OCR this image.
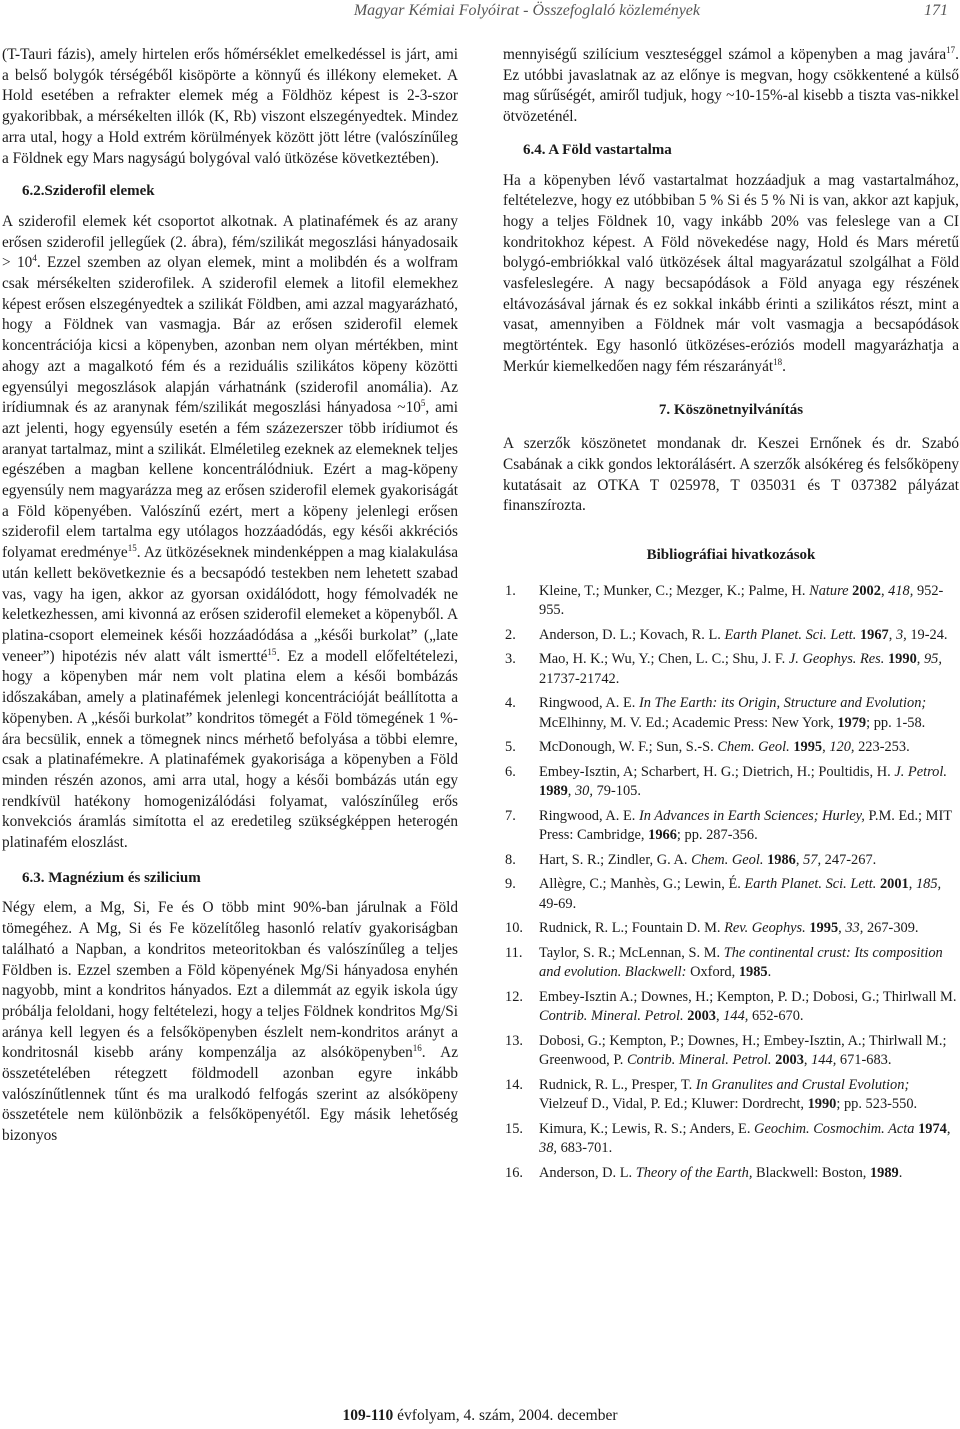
Magyar Kémiai Folyóirat - Összefoglaló közlemények	171

(T-Tauri fázis), amely hirtelen erős hőmérséklet emelkedéssel is járt, ami a belső bolygók térségéből kisöpörte a könnyű és illékony elemeket. A Hold esetében a refrakter elemek még a Földhöz képest is 2-3-szor gyakoribbak, a mérsékelten illók (K, Rb) viszont elszegényedtek. Mindez arra utal, hogy a Hold extrém körülmények között jött létre (valószínűleg a Földnek egy Mars nagyságú bolygóval való ütközése következtében).

6.2.Sziderofil elemek

A sziderofil elemek két csoportot alkotnak. A platinafémek és az arany erősen sziderofil jellegűek (2. ábra), fém/szilikát megoszlási hányadosaik > $10^4$. Ezzel szemben az olyan elemek, mint a molibdén és a wolfram csak mérsékelten sziderofilek. A sziderofil elemek a litofil elemekhez képest erősen elszegényedtek a szilikát Földben, ami azzal magyarázható, hogy a Földnek van vasmagja. Bár az erősen sziderofil elemek koncentrációja kicsi a köpenyben, azonban nem olyan mértékben, mint ahogy azt a magalkotó fém és a reziduális szilikátos köpeny közötti egyensúlyi megoszlások alapján várhatnánk (sziderofil anomália). Az irídiumnak és az aranynak fém/szilikát megoszlási hányadosa $\sim 10^5$, ami azt jelenti, hogy egyensúly esetén a fém százezerszer több irídiumot és aranyat tartalmaz, mint a szilikát. Elméletileg ezeknek az elemeknek teljes egészében a magban kellene koncentrálódniuk. Ezért a mag-köpeny egyensúly nem magyarázza meg az erősen sziderofil elemek gyakoriságát a Föld köpenyében. Valószínű ezért, mert a köpeny jelenlegi erősen sziderofil elem tartalma egy utólagos hozzáadódás, egy késői akkréciós folyamat eredménye$^{15}$. Az ütközéseknek mindenképpen a mag kialakulása után kellett bekövetkeznie és a becsapódó testekben nem lehetett szabad vas, vagy ha igen, akkor az gyorsan oxidálódott, hogy fémolvadék ne keletkezhessen, ami kivonná az erősen sziderofil elemeket a köpenyből. A platina-csoport elemeinek késői hozzáadódása a „késői burkolat” („late veneer”) hipotézis név alatt vált ismertté$^{15}$. Ez a modell előfeltételezi, hogy a köpenyben már nem volt platina elem a késői bombázás időszakában, amely a platinafémek jelenlegi koncentrációját beállította a köpenyben. A „késői burkolat” kondritos tömegét a Föld tömegének 1 %-ára becsülik, ennek a tömegnek nincs mérhető befolyása a többi elemre, csak a platinafémekre. A platinafémek gyakorisága a köpenyben a Föld minden részén azonos, ami arra utal, hogy a késői bombázás után egy rendkívül hatékony homogenizálódási folyamat, valószínűleg erős konvekciós áramlás simította el az eredetileg szükségképpen heterogén platinafém eloszlást.

6.3. Magnézium és szilicium

Négy elem, a Mg, Si, Fe és O több mint 90%-ban járulnak a Föld tömegéhez. A Mg, Si és Fe közelítőleg hasonló relatív gyakoriságban található a Napban, a kondritos meteoritokban és valószínűleg a teljes Földben is. Ezzel szemben a Föld köpenyének Mg/Si hányadosa enyhén nagyobb, mint a kondritos hányados. Ezt a dilemmát az egyik iskola úgy próbálja feloldani, hogy feltételezi, hogy a teljes Földnek kondritos Mg/Si aránya kell legyen és a felsőköpenyben észlelt nem-kondritos arányt a kondritosnál kisebb arány kompenzálja az alsóköpenyben$^{16}$. Az összetételében rétegzett földmodell azonban egyre inkább valószínűtlennek tűnt és ma uralkodó felfogás szerint az alsóköpeny összetétele nem különbözik a felsőköpenyétől. Egy másik lehetőség bizonyos

mennyiségű szilícium veszteséggel számol a köpenyben a mag javára$^{17}$. Ez utóbbi javaslatnak az az előnye is megvan, hogy csökkentené a külső mag sűrűségét, amiről tudjuk, hogy ~10-15%-al kisebb a tiszta vas-nikkel ötvözeténél.

6.4. A Föld vastartalma

Ha a köpenyben lévő vastartalmat hozzáadjuk a mag vastartalmához, feltételezve, hogy ez utóbbiban 5 % Si és 5 % Ni is van, akkor azt kapjuk, hogy a teljes Földnek 10, vagy inkább 20% vas feleslege van a CI kondritokhoz képest. A Föld növekedése nagy, Hold és Mars méretű bolygó-embriókkal való ütközések által magyarázatul szolgálhat a Föld vasfeleslegére. A nagy becsapódások a Föld anyaga egy részének eltávozásával járnak és ez sokkal inkább érinti a szilikátos részt, mint a vasat, amennyiben a Földnek már volt vasmagja a becsapódások megtörténtek. Egy hasonló ütközéses-eróziós modell magyarázhatja a Merkúr kiemelkedően nagy fém részarányát$^{18}$.

7. Köszönetnyilvánítás

A szerzők köszönetet mondanak dr. Keszei Ernőnek és dr. Szabó Csabának a cikk gondos lektorálásért. A szerzők alsókéreg és felsőköpeny kutatásait az OTKA T 025978, T 035031 és T 037382 pályázat finanszírozta.

Bibliográfiai hivatkozások
1.	Kleine, T.; Munker, C.; Mezger, K.; Palme, H. Nature 2002, 418, 952-955.
2.	Anderson, D. L.; Kovach, R. L. Earth Planet. Sci. Lett. 1967, 3, 19-24.
3.	Mao, H. K.; Wu, Y.; Chen, L. C.; Shu, J. F. J. Geophys. Res. 1990, 95, 21737-21742.
4.	Ringwood, A. E. In The Earth: its Origin, Structure and Evolution; McElhinny, M. V. Ed.; Academic Press: New York, 1979; pp. 1-58.
5.	McDonough, W. F.; Sun, S.-S. Chem. Geol. 1995, 120, 223-253.
6.	Embey-Isztin, A; Scharbert, H. G.; Dietrich, H.; Poultidis, H. J. Petrol. 1989, 30, 79-105.
7.	Ringwood, A. E. In Advances in Earth Sciences; Hurley, P.M. Ed.; MIT Press: Cambridge, 1966; pp. 287-356.
8.	Hart, S. R.; Zindler, G. A. Chem. Geol. 1986, 57, 247-267.
9.	Allègre, C.; Manhès, G.; Lewin, É. Earth Planet. Sci. Lett. 2001, 185, 49-69.
10.	Rudnick, R. L.; Fountain D. M. Rev. Geophys. 1995, 33, 267-309.
11.	Taylor, S. R.; McLennan, S. M. The continental crust: Its composition and evolution. Blackwell: Oxford, 1985.
12.	Embey-Isztin A.; Downes, H.; Kempton, P. D.; Dobosi, G.; Thirlwall M. Contrib. Mineral. Petrol. 2003, 144, 652-670.
13.	Dobosi, G.; Kempton, P.; Downes, H.; Embey-Isztin, A.; Thirlwall M.; Greenwood, P. Contrib. Mineral. Petrol. 2003, 144, 671-683.
14.	Rudnick, R. L., Presper, T. In Granulites and Crustal Evolution; Vielzeuf D., Vidal, P. Ed.; Kluwer: Dordrecht, 1990; pp. 523-550.
15.	Kimura, K.; Lewis, R. S.; Anders, E. Geochim. Cosmochim. Acta 1974, 38, 683-701.
16.	Anderson, D. L. Theory of the Earth, Blackwell: Boston, 1989.
109-110 évfolyam, 4. szám, 2004. december
